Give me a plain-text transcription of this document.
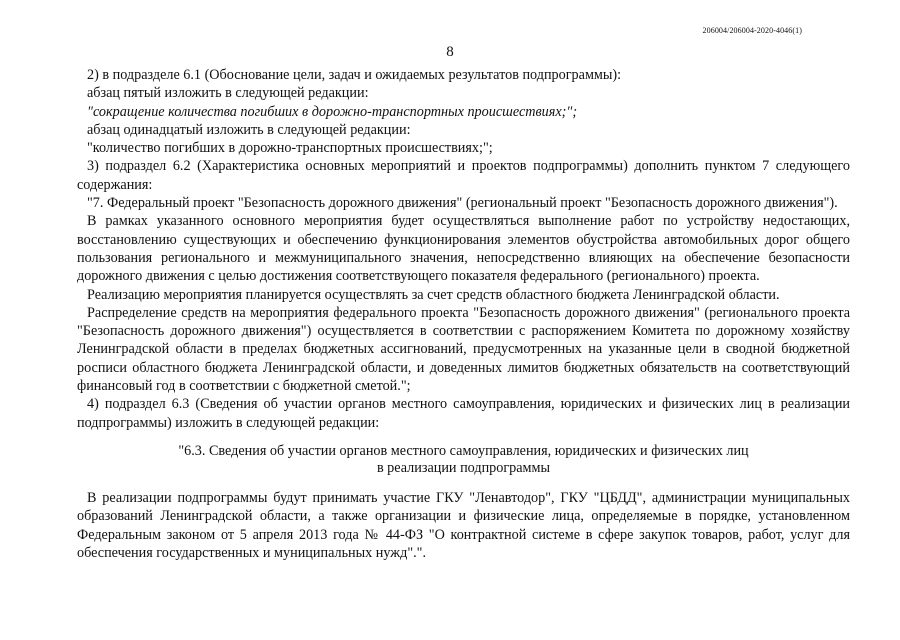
206004/206004-2020-4046(1)
8

2) в подразделе 6.1 (Обоснование цели, задач и ожидаемых результатов подпрограммы):

абзац пятый изложить в следующей редакции:

"сокращение количества погибших в дорожно-транспортных происшествиях;";

абзац одинадцатый изложить в следующей редакции:

"количество погибших в дорожно-транспортных происшествиях;";

3) подраздел 6.2 (Характеристика основных мероприятий и проектов подпрограммы) дополнить пунктом 7 следующего содержания:

"7. Федеральный проект "Безопасность дорожного движения" (региональный проект "Безопасность дорожного движения").

В рамках указанного основного мероприятия будет осуществляться выполнение работ по устройству недостающих, восстановлению существующих и обеспечению функционирования элементов обустройства автомобильных дорог общего пользования регионального и межмуниципального значения, непосредственно влияющих на обеспечение безопасности дорожного движения с целью достижения соответствующего показателя федерального (регионального) проекта.

Реализацию мероприятия планируется осуществлять за счет средств областного бюджета Ленинградской области.

Распределение средств на мероприятия федерального проекта "Безопасность дорожного движения" (регионального проекта "Безопасность дорожного движения") осуществляется в соответствии с распоряжением Комитета по дорожному хозяйству Ленинградской области в пределах бюджетных ассигнований, предусмотренных на указанные цели в сводной бюджетной росписи областного бюджета Ленинградской области, и доведенных лимитов бюджетных обязательств на соответствующий финансовый год в соответствии с бюджетной сметой.";

4) подраздел 6.3 (Сведения об участии органов местного самоуправления, юридических и физических лиц в реализации подпрограммы) изложить в следующей редакции:

"6.3. Сведения об участии органов местного самоуправления, юридических и физических лиц
в реализации подпрограммы

В реализации подпрограммы будут принимать участие ГКУ "Ленавтодор", ГКУ "ЦБДД", администрации муниципальных образований Ленинградской области, а также организации и физические лица, определяемые в порядке, установленном Федеральным законом от 5 апреля 2013 года № 44-ФЗ "О контрактной системе в сфере закупок товаров, работ, услуг для обеспечения государственных и муниципальных нужд".".
